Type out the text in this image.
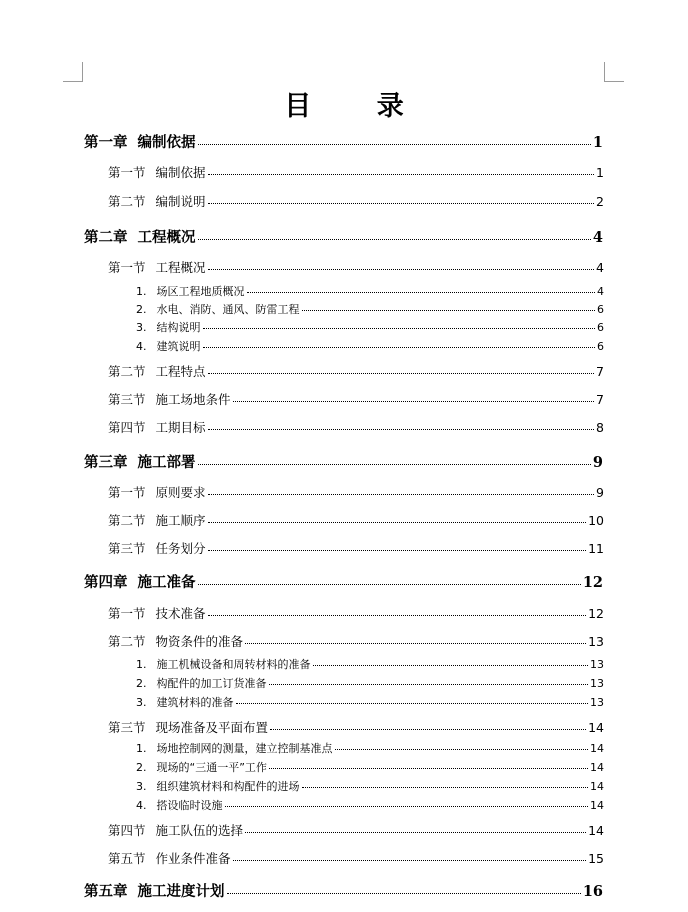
目 录
第一章 编制依据	1
第一节 编制依据	1
第二节 编制说明	2
第二章 工程概况	4
第一节 工程概况	4
1. 场区工程地质概况	4
2. 水电、消防、通风、防雷工程	6
3. 结构说明	6
4. 建筑说明	6
第二节 工程特点	7
第三节 施工场地条件	7
第四节 工期目标	8
第三章 施工部署	9
第一节 原则要求	9
第二节 施工顺序	10
第三节 任务划分	11
第四章 施工准备	12
第一节 技术准备	12
第二节 物资条件的准备	13
1. 施工机械设备和周转材料的准备	13
2. 构配件的加工订货准备	13
3. 建筑材料的准备	13
第三节 现场准备及平面布置	14
1. 场地控制网的测量，建立控制基准点	14
2. 现场的“三通一平”工作	14
3. 组织建筑材料和构配件的进场	14
4. 搭设临时设施	14
第四节 施工队伍的选择	14
第五节 作业条件准备	15
第五章 施工进度计划	16
